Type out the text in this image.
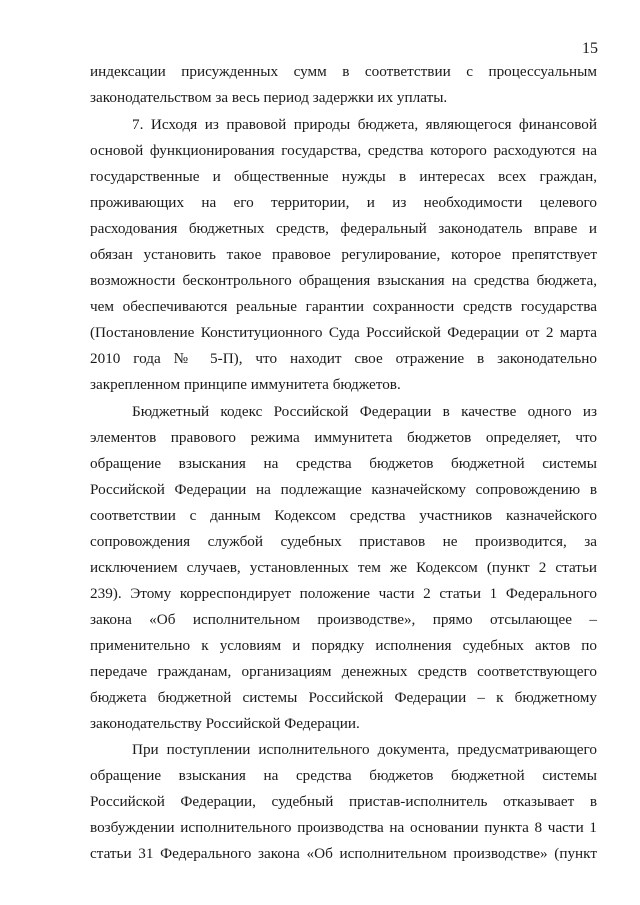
15
индексации присужденных сумм в соответствии с процессуальным
законодательством за весь период задержки их уплаты.
7. Исходя из правовой природы бюджета, являющегося финансовой
основой функционирования государства, средства которого расходуются на
государственные и общественные нужды в интересах всех граждан,
проживающих на его территории, и из необходимости целевого
расходования бюджетных средств, федеральный законодатель вправе и
обязан установить такое правовое регулирование, которое препятствует
возможности бесконтрольного обращения взыскания на средства бюджета,
чем обеспечиваются реальные гарантии сохранности средств государства
(Постановление Конституционного Суда Российской Федерации от 2 марта
2010 года № 5-П), что находит свое отражение в законодательно
закрепленном принципе иммунитета бюджетов.
Бюджетный кодекс Российской Федерации в качестве одного из
элементов правового режима иммунитета бюджетов определяет, что
обращение взыскания на средства бюджетов бюджетной системы
Российской Федерации на подлежащие казначейскому сопровождению в
соответствии с данным Кодексом средства участников казначейского
сопровождения службой судебных приставов не производится, за
исключением случаев, установленных тем же Кодексом (пункт 2 статьи
239). Этому корреспондирует положение части 2 статьи 1 Федерального
закона «Об исполнительном производстве», прямо отсылающее –
применительно к условиям и порядку исполнения судебных актов по
передаче гражданам, организациям денежных средств соответствующего
бюджета бюджетной системы Российской Федерации – к бюджетному
законодательству Российской Федерации.
При поступлении исполнительного документа, предусматривающего
обращение взыскания на средства бюджетов бюджетной системы
Российской Федерации, судебный пристав-исполнитель отказывает в
возбуждении исполнительного производства на основании пункта 8 части 1
статьи 31 Федерального закона «Об исполнительном производстве» (пункт
